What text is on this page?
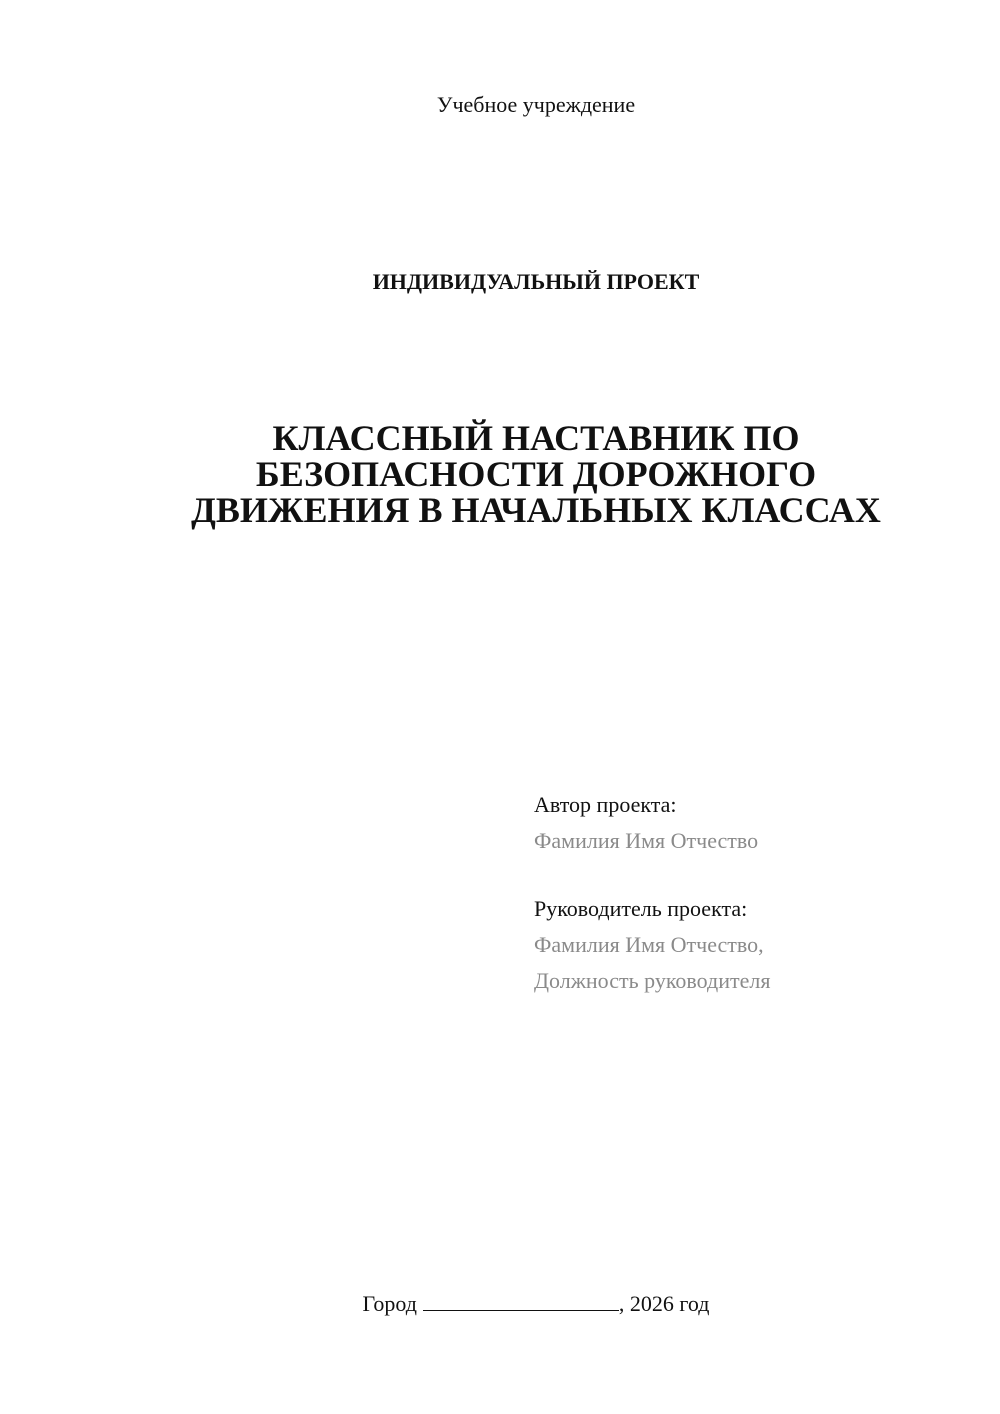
Учебное учреждение
ИНДИВИДУАЛЬНЫЙ ПРОЕКТ
КЛАССНЫЙ НАСТАВНИК ПО
БЕЗОПАСНОСТИ ДОРОЖНОГО
ДВИЖЕНИЯ В НАЧАЛЬНЫХ КЛАССАХ
Автор проекта:
Фамилия Имя Отчество
Руководитель проекта:
Фамилия Имя Отчество,
Должность руководителя
Город	, 2026 год
